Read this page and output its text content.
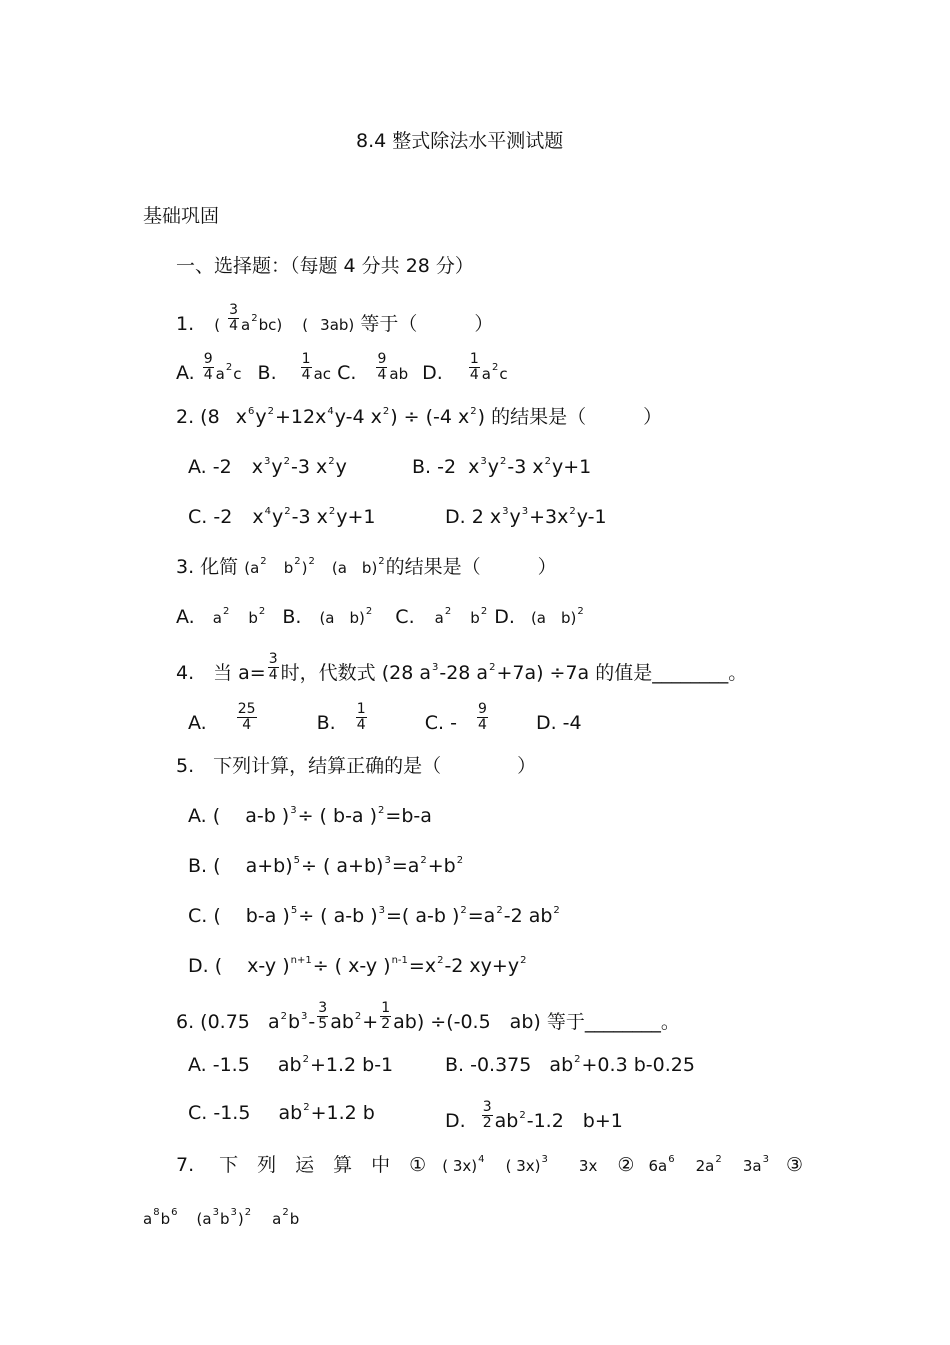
8.4 整式除法水平测试题
基础巩固
一、选择题：（每题 4 分共 28 分）
1. ( $\frac{3}{4} a2bc$) ( 3ab) 等于（　　　）
A. $\frac{9}{4} a2c$ B. $\frac{1}{4}$ ac C. $\frac{9}{4}$ ab D. $\frac{1}{4} a2c$
2. (8 x6y2+12x4y-4 x2) ÷ (-4 x2) 的结果是（　　　）
A. -2 x3y2-3 x2y	B. -2 x3y2-3 x2y+1
C. -2 x4y2-3 x2y+1	D. 2 x3y3+3x2y-1
3. 化简 (a2 b2)2 (a　b)2的结果是（　　　）
A. a2 b2 B. (a　b)2 C. a2 b2 D. (a　b)2
4.　当 $a= \frac{3}{4}$ 时，代数式 (28 a3-28 a2+7a) ÷7a 的值是________。
A. $\frac{25}{4}$	B. $\frac{1}{4}$	C. - $\frac{9}{4}$	D. -4
5.　下列计算，结算正确的是（　　　　）
A. (　 a-b )3÷ ( b-a )2=b-a
B. (　 a+b)5÷ ( a+b)3=a2+b2
C. (　 b-a )5÷ ( a-b )3=( a-b )2=a2-2 ab2
D. (　 x-y )n+1÷ ( x-y )n-1=x2-2 xy+y2
6. (0.75 $a2b3- \frac{3}{5} ab2+ \frac{1}{2} ab) \div(-0.5$　ab) 等于________。
A. -1.5 ab2+1.2 b-1	B. -0.375 ab2+0.3 b-0.25
C. -1.5 ab2+1.2 b	D. $\frac{3}{2} ab2-1.2$　b+1
7.　 下　列　运　算　中　① ( 3x)4 ( 3x)3 3x ② 6a6 2a2 3a3 ③
a8b6 (a3b3)2 a2b
